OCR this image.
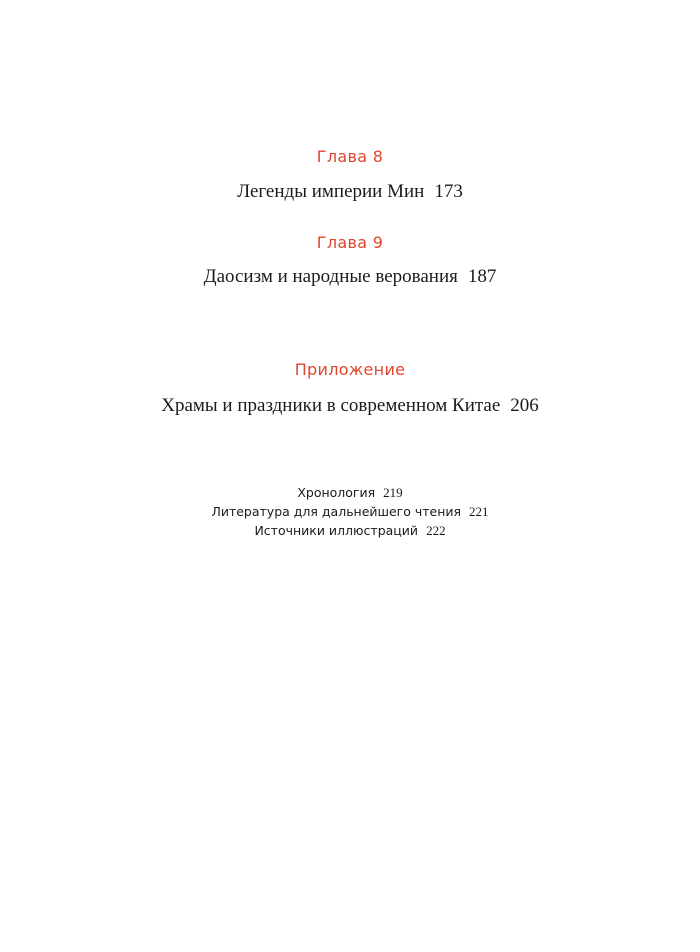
Глава 8
Легенды империи Мин 173
Глава 9
Даосизм и народные верования 187
Приложение
Храмы и праздники в современном Китае 206
Хронология 219
Литература для дальнейшего чтения 221
Источники иллюстраций 222
